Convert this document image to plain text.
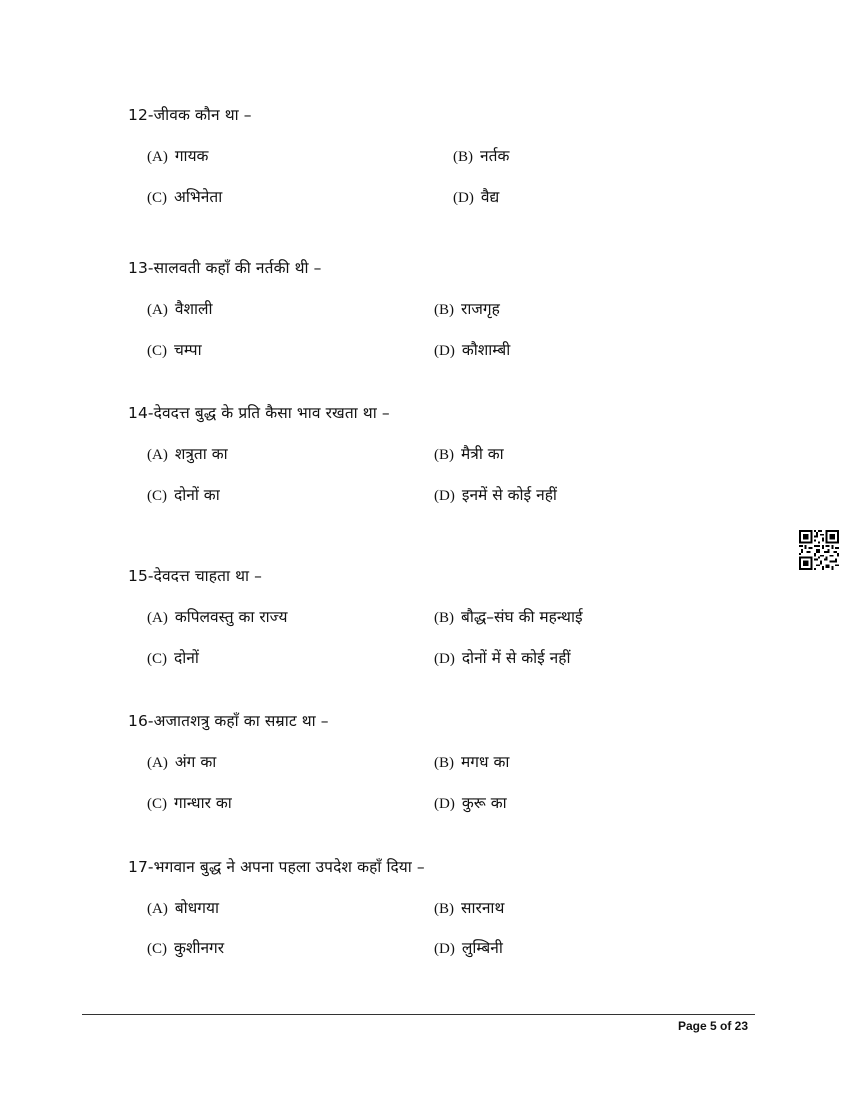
12-जीवक कौन था –
(A) गायक	(B) नर्तक
(C) अभिनेता	(D) वैद्य
13-सालवती कहाँ की नर्तकी थी –
(A) वैशाली	(B) राजगृह
(C) चम्पा	(D) कौशाम्बी
14-देवदत्त बुद्ध के प्रति कैसा भाव रखता था –
(A) शत्रुता का	(B) मैत्री का
(C) दोनों का	(D) इनमें से कोई नहीं
15-देवदत्त चाहता था –
(A) कपिलवस्तु का राज्य	(B) बौद्ध–संघ की महन्थाई
(C) दोनों	(D) दोनों में से कोई नहीं
16-अजातशत्रु कहाँ का सम्राट था –
(A) अंग का	(B) मगध का
(C) गान्धार का	(D) कुरू का
17-भगवान बुद्ध ने अपना पहला उपदेश कहाँ दिया –
(A) बोधगया	(B) सारनाथ
(C) कुशीनगर	(D) लुम्बिनी
Page 5 of 23
